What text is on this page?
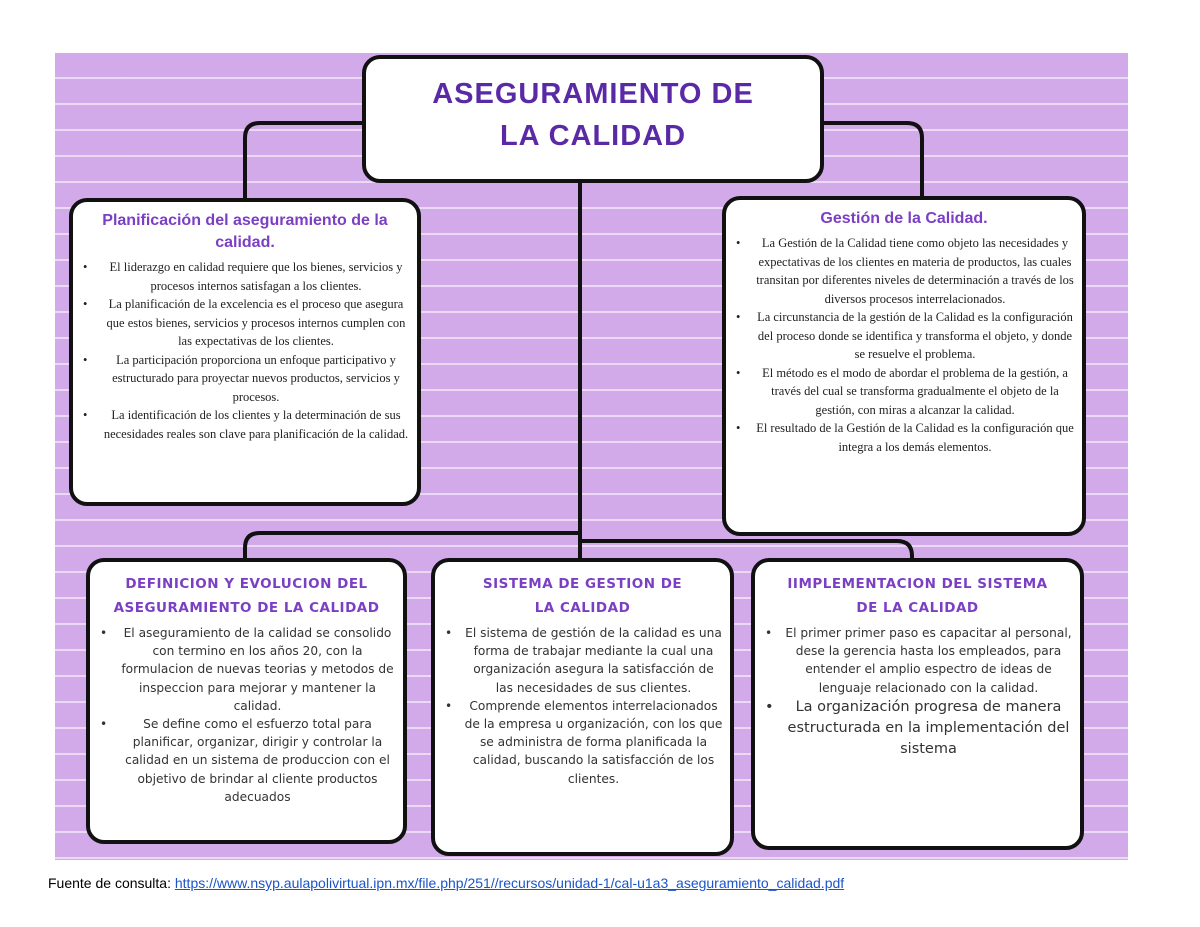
ASEGURAMIENTO DE
LA CALIDAD
Planificación del aseguramiento de la calidad.
• El liderazgo en calidad requiere que los bienes, servicios y procesos internos satisfagan a los clientes.
• La planificación de la excelencia es el proceso que asegura que estos bienes, servicios y procesos internos cumplen con las expectativas de los clientes.
• La participación proporciona un enfoque participativo y estructurado para proyectar nuevos productos, servicios y procesos.
• La identificación de los clientes y la determinación de sus necesidades reales son clave para planificación de la calidad.
Gestión de la Calidad.
• La Gestión de la Calidad tiene como objeto las necesidades y expectativas de los clientes en materia de productos, las cuales transitan por diferentes niveles de determinación a través de los diversos procesos interrelacionados.
• La circunstancia de la gestión de la Calidad es la configuración del proceso donde se identifica y transforma el objeto, y donde se resuelve el problema.
• El método es el modo de abordar el problema de la gestión, a través del cual se transforma gradualmente el objeto de la gestión, con miras a alcanzar la calidad.
• El resultado de la Gestión de la Calidad es la configuración que integra a los demás elementos.
DEFINICION Y EVOLUCION DEL
ASEGURAMIENTO DE LA CALIDAD
• El aseguramiento de la calidad se consolido con termino en los años 20, con la formulacion de nuevas teorias y metodos de inspeccion para mejorar y mantener la calidad.
• Se define como el esfuerzo total para planificar, organizar, dirigir y controlar la calidad en un sistema de produccion con el objetivo de brindar al cliente productos adecuados
SISTEMA DE GESTION DE
LA CALIDAD
• El sistema de gestión de la calidad es una forma de trabajar mediante la cual una organización asegura la satisfacción de las necesidades de sus clientes.
• Comprende elementos interrelacionados de la empresa u organización, con los que se administra de forma planificada la calidad, buscando la satisfacción de los clientes.
IIMPLEMENTACION DEL SISTEMA
DE LA CALIDAD
• El primer primer paso es capacitar al personal, dese la gerencia hasta los empleados, para entender el amplio espectro de ideas de lenguaje relacionado con la calidad.
• La organización progresa de manera estructurada en la implementación del sistema
Fuente de consulta: https://www.nsyp.aulapolivirtual.ipn.mx/file.php/251//recursos/unidad-1/cal-u1a3_aseguramiento_calidad.pdf
